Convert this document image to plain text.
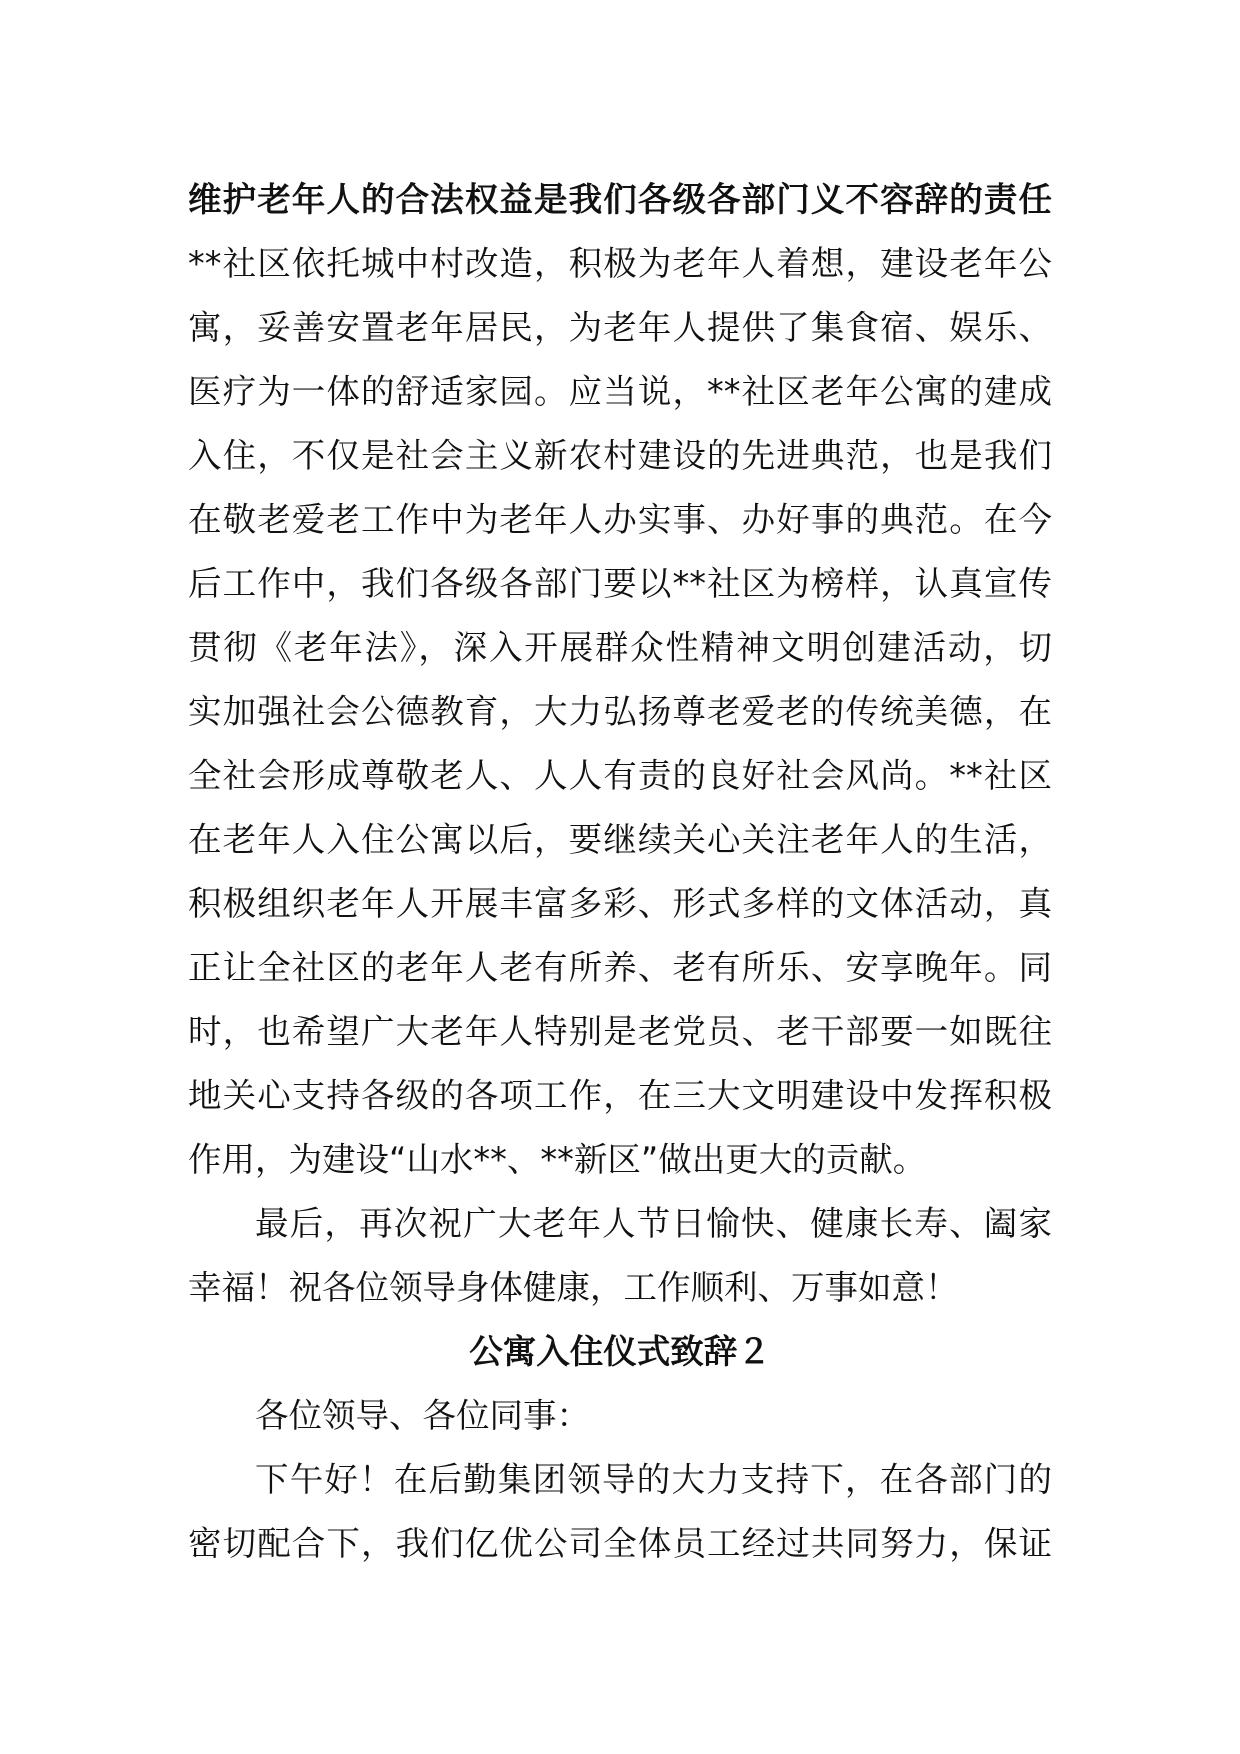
维护老年人的合法权益是我们各级各部门义不容辞的责任
**社区依托城中村改造，积极为老年人着想，建设老年公
寓，妥善安置老年居民，为老年人提供了集食宿、娱乐、
医疗为一体的舒适家园。应当说，**社区老年公寓的建成
入住，不仅是社会主义新农村建设的先进典范，也是我们
在敬老爱老工作中为老年人办实事、办好事的典范。在今
后工作中，我们各级各部门要以**社区为榜样，认真宣传
贯彻《老年法》，深入开展群众性精神文明创建活动，切
实加强社会公德教育，大力弘扬尊老爱老的传统美德，在
全社会形成尊敬老人、人人有责的良好社会风尚。**社区
在老年人入住公寓以后，要继续关心关注老年人的生活，
积极组织老年人开展丰富多彩、形式多样的文体活动，真
正让全社区的老年人老有所养、老有所乐、安享晚年。同
时，也希望广大老年人特别是老党员、老干部要一如既往
地关心支持各级的各项工作，在三大文明建设中发挥积极
作用，为建设“山水**、**新区”做出更大的贡献。
最后，再次祝广大老年人节日愉快、健康长寿、阖家
幸福！祝各位领导身体健康，工作顺利、万事如意！
公寓入住仪式致辞２
各位领导、各位同事：
下午好！在后勤集团领导的大力支持下，在各部门的
密切配合下，我们亿优公司全体员工经过共同努力，保证
